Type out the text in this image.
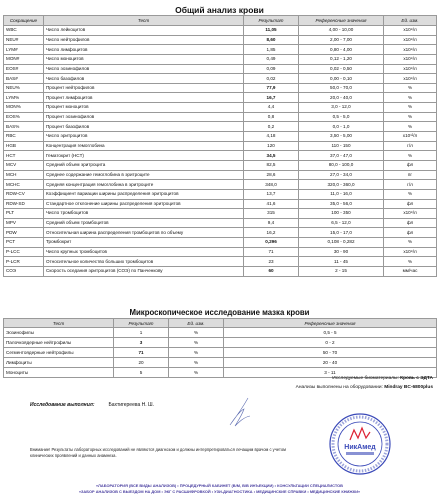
Общий анализ крови
Сокращение	Тест	Результат	Референсные значения	Ед. изм.
WBC	Число лейкоцитов	11,05	4,00 - 10,00	x10⁹/л
NEU#	Число нейтрофилов	8,60	2,00 - 7,00	x10⁹/л
LYM#	Число лимфоцитов	1,85	0,80 - 4,00	x10⁹/л
MON#	Число моноцитов	0,49	0,12 - 1,20	x10⁹/л
EOS#	Число эозинофилов	0,09	0,02 - 0,50	x10⁹/л
BAS#	Число базофилов	0,02	0,00 - 0,10	x10⁹/л
NEU%	Процент нейтрофилов	77,9	50,0 - 70,0	%
LYM%	Процент лимфоцитов	16,7	20,0 - 40,0	%
MON%	Процент моноцитов	4,4	3,0 - 12,0	%
EOS%	Процент эозинофилов	0,8	0,5 - 5,0	%
BAS%	Процент базофилов	0,2	0,0 - 1,0	%
RBC	Число эритроцитов	4,18	3,50 - 5,00	x10¹²/л
HGB	Концентрация гемоглобина	120	110 - 150	г/л
HCT	Гематокрит (HCT)	34,5	37,0 - 47,0	%
MCV	Средний объем эритроцита	82,5	80,0 - 100,0	фл
MCH	Среднее содержание гемоглобина в эритроците	28,6	27,0 - 34,0	пг
MCHC	Средняя концентрация гемоглобина в эритроците	348,0	320,0 - 360,0	г/л
RDW-CV	Коэффициент вариации ширины распределения эритроцитов	13,7	11,0 - 16,0	%
RDW-SD	Стандартное отклонение ширины распределения эритроцитов	41,6	35,0 - 56,0	фл
PLT	Число тромбоцитов	315	100 - 350	x10⁹/л
MPV	Средний объем тромбоцитов	9,4	6,5 - 12,0	фл
PDW	Относительная ширина распределения тромбоцитов по объему	16,2	15,0 - 17,0	фл
PCT	Тромбокрит	0,296	0,108 - 0,282	%
P-LCC	Число крупных тромбоцитов	71	30 - 90	x10⁹/л
P-LCR	Относительное количество больших тромбоцитов	23	11 - 45	%
СОЭ	Скорость оседания эритроцитов (СОЭ) по Панченкову	60	2 - 15	мм/час
Микроскопическое исследование мазка крови
Тест	Результат	Ед. изм.	Референсные значения
Эозинофилы	1	%	0,5 - 5
Палочкоядерные нейтрофилы	3	%	0 - 2
Сегментоядерные нейтрофилы	71	%	50 - 70
Лимфоциты	20	%	20 - 40
Моноциты	5	%	3 - 11
Исследуемые биоматериалы: Кровь с ЭДТА
Анализы выполнены на оборудовании: Mindray BC-6800plus
Исследование выполнил:	Бахтигереева Н. Ш.
Внимание! Результаты лабораторных исследований не являются диагнозом и должны интерпретироваться лечащим врачом с учетом клинических проявлений и данных анамнеза.
НикАмед
«ЛАБОРАТОРИЯ (ВСЕ ВИДЫ АНАЛИЗОВ) • ПРОЦЕДУРНЫЙ КАБИНЕТ (В/М, В/В ИНЪЕКЦИИ) • КОНСУЛЬТАЦИИ СПЕЦИАЛИСТОВ
«ЗАБОР АНАЛИЗОВ С ВЫЕЗДОМ НА ДОМ • ЭКГ С РАСШИФРОВКОЙ • УЗИ-ДИАГНОСТИКА • МЕДИЦИНСКИЕ СПРАВКИ • МЕДИЦИНСКИЕ КНИЖКИ»
